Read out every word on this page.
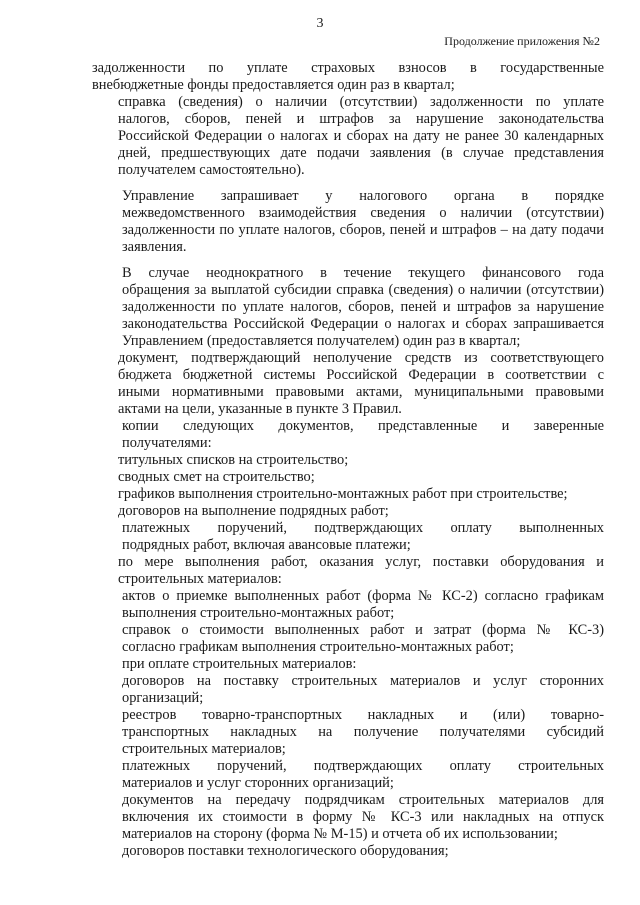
3
Продолжение приложения №2
задолженности по уплате страховых взносов в государственные
внебюджетные фонды предоставляется один раз в квартал;
справка (сведения) о наличии (отсутствии) задолженности по уплате
налогов, сборов, пеней и штрафов за нарушение законодательства
Российской Федерации о налогах и сборах на дату не ранее 30 календарных
дней, предшествующих дате подачи заявления (в случае представления
получателем самостоятельно).
Управление запрашивает у налогового органа в порядке
межведомственного взаимодействия сведения о наличии (отсутствии)
задолженности по уплате налогов, сборов, пеней и штрафов – на дату подачи
заявления.
В случае неоднократного в течение текущего финансового года
обращения за выплатой субсидии справка (сведения) о наличии (отсутствии)
задолженности по уплате налогов, сборов, пеней и штрафов за нарушение
законодательства Российской Федерации о налогах и сборах запрашивается
Управлением (предоставляется получателем) один раз в квартал;
документ, подтверждающий неполучение средств из соответствующего
бюджета бюджетной системы Российской Федерации в соответствии с
иными нормативными правовыми актами, муниципальными правовыми
актами на цели, указанные в пункте 3 Правил.
копии следующих документов, представленные и заверенные
получателями:
титульных списков на строительство;
сводных смет на строительство;
графиков выполнения строительно-монтажных работ при строительстве;
договоров на выполнение подрядных работ;
платежных поручений, подтверждающих оплату выполненных
подрядных работ, включая авансовые платежи;
по мере выполнения работ, оказания услуг, поставки оборудования и
строительных материалов:
актов о приемке выполненных работ (форма № КС-2) согласно графикам
выполнения строительно-монтажных работ;
справок о стоимости выполненных работ и затрат (форма № КС-3)
согласно графикам выполнения строительно-монтажных работ;
при оплате строительных материалов:
договоров на поставку строительных материалов и услуг сторонних
организаций;
реестров товарно-транспортных накладных и (или) товарно-
транспортных накладных на получение получателями субсидий
строительных материалов;
платежных поручений, подтверждающих оплату строительных
материалов и услуг сторонних организаций;
документов на передачу подрядчикам строительных материалов для
включения их стоимости в форму № КС-3 или накладных на отпуск
материалов на сторону (форма № М-15) и отчета об их использовании;
договоров поставки технологического оборудования;
